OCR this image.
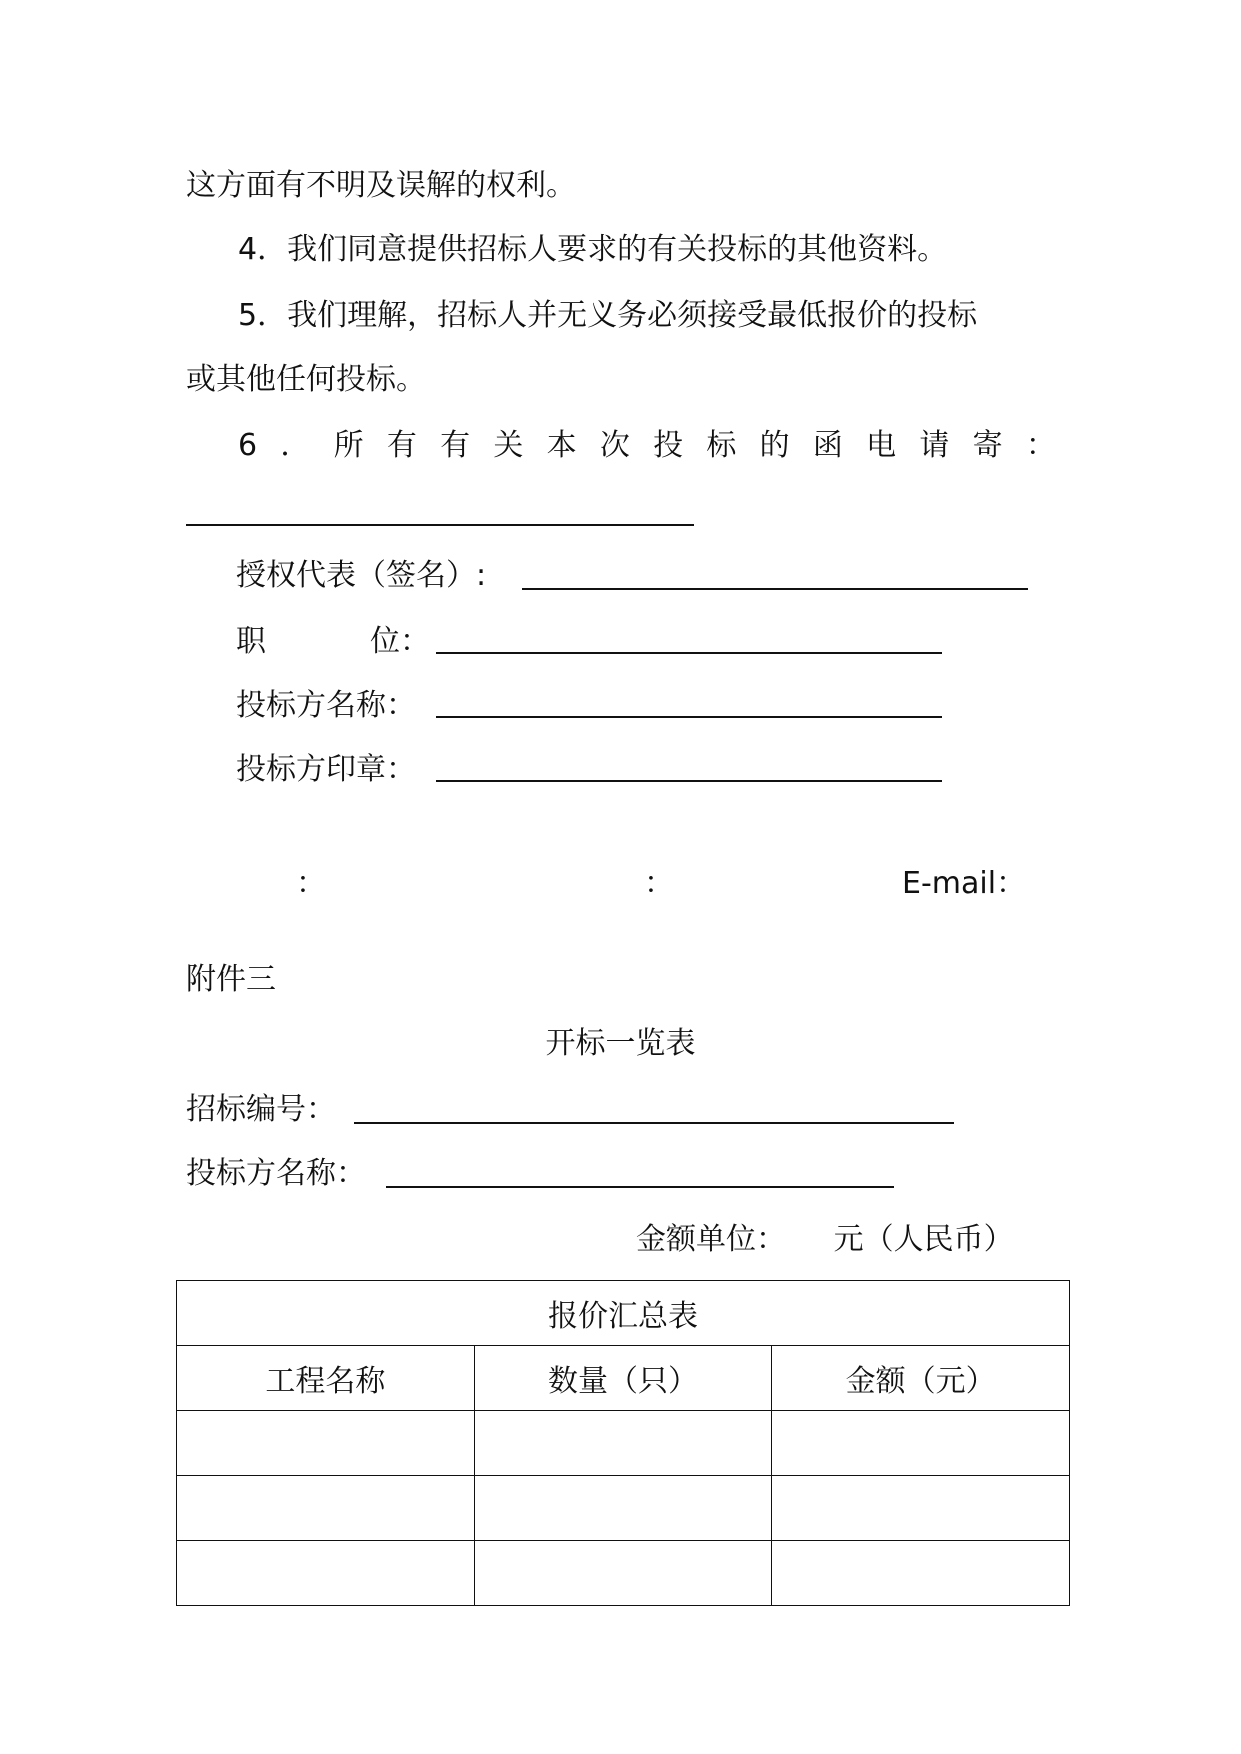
这方面有不明及误解的权利。
4．我们同意提供招标人要求的有关投标的其他资料。
5．我们理解，招标人并无义务必须接受最低报价的投标
或其他任何投标。
6 ． 所 有 有 关 本 次 投 标 的 函 电 请 寄 ：
授权代表（签名）:
职	位：
投标方名称：
投标方印章：
：	：	E-mail：
附件三
开标一览表
招标编号：
投标方名称：
金额单位：     元（人民币）
报价汇总表		
工程名称	数量（只）	金额（元）
